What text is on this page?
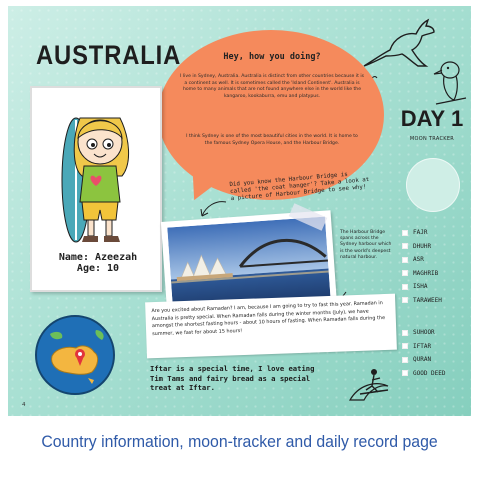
AUSTRALIA	Hey, how you doing?
I live in Sydney, Australia. Australia is distinct from other countries because it is a continent as well. It is sometimes called the 'Island Continent'. Australia is home to many animals that are not found anywhere else in the world like the kangaroo, kookaburra, emu and platypus.
I think Sydney is one of the most beautiful cities in the world. It is home to the famous Sydney Opera House, and the Harbour Bridge.
Name: Azeezah
Age: 10
Did you know the Harbour Bridge is called 'the coat hanger'? Take a look at a picture of Harbour Bridge to see why!
The Harbour Bridge spans across the Sydney harbour which is the world's deepest natural harbour.

Are you excited about Ramadan? I am, because I am going to try to fast this year. Ramadan in Australia is pretty special. When Ramadan falls during the winter months (July), we have amongst the shortest fasting hours - about 10 hours of fasting. When Ramadan falls during the summer, we fast for about 15 hours!

Iftar is a special time, I love eating Tim Tams and fairy bread as a special treat at Iftar.
DAY 1
MOON TRACKER
FAJR
DHUHR
ASR
MAGHRIB
ISHA
TARAWEEH
SUHOOR
IFTAR
QURAN
GOOD DEED
4
Country information, moon-tracker and daily record page
